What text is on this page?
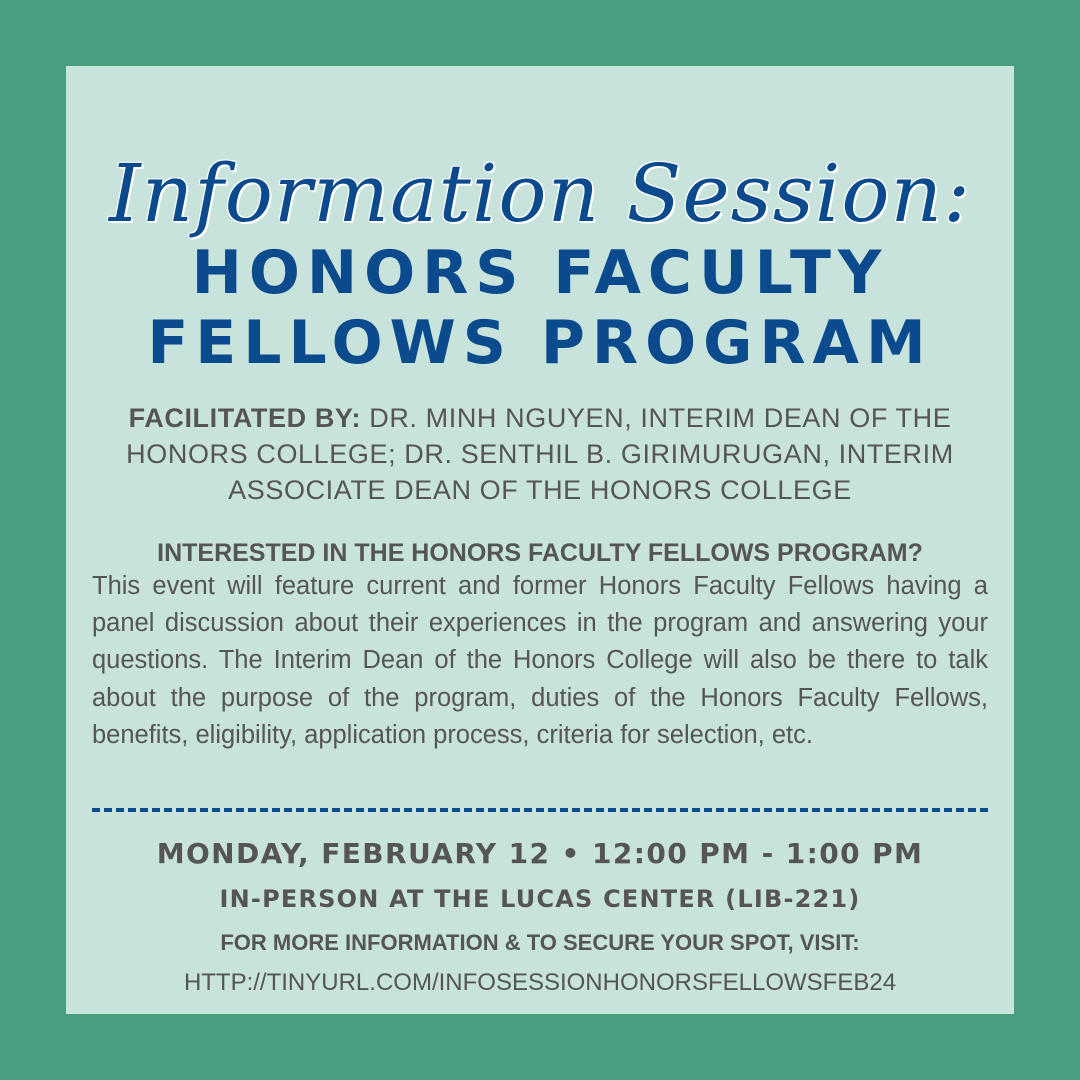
Information Session:
HONORS FACULTY
FELLOWS PROGRAM
FACILITATED BY: DR. MINH NGUYEN, INTERIM DEAN OF THE HONORS COLLEGE; DR. SENTHIL B. GIRIMURUGAN, INTERIM ASSOCIATE DEAN OF THE HONORS COLLEGE
INTERESTED IN THE HONORS FACULTY FELLOWS PROGRAM?
This event will feature current and former Honors Faculty Fellows having a panel discussion about their experiences in the program and answering your questions. The Interim Dean of the Honors College will also be there to talk about the purpose of the program, duties of the Honors Faculty Fellows, benefits, eligibility, application process, criteria for selection, etc.
MONDAY, FEBRUARY 12 • 12:00 PM - 1:00 PM
IN-PERSON AT THE LUCAS CENTER (LIB-221)
FOR MORE INFORMATION & TO SECURE YOUR SPOT, VISIT:
HTTP://TINYURL.COM/INFOSESSIONHONORSFELLOWSFEB24
